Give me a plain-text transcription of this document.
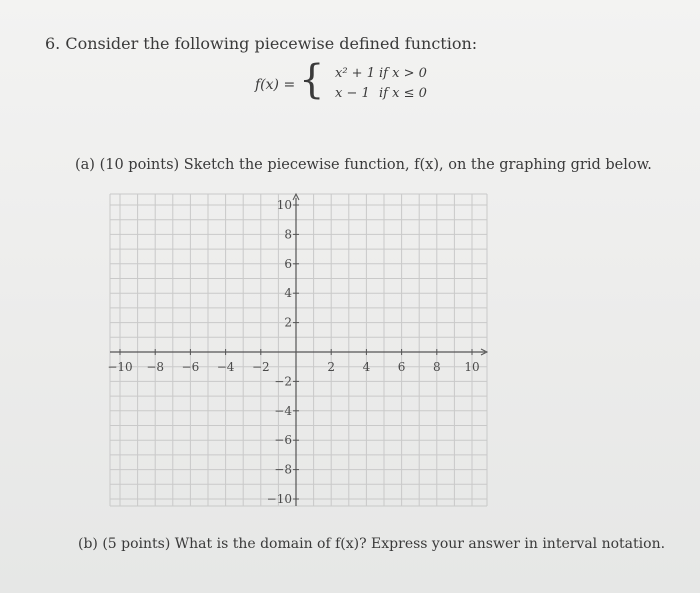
6. Consider the following piecewise defined function:
f(x) = { x² + 1 if x > 0
x − 1 if x ≤ 0
(a) (10 points) Sketch the piecewise function, f(x), on the graphing grid below.
−10 −8 −6 −4 −2	2 4 6 8 10
10
8
6
4
2
−2
−4
−6
−8
−10
(b) (5 points) What is the domain of f(x)? Express your answer in interval notation.
